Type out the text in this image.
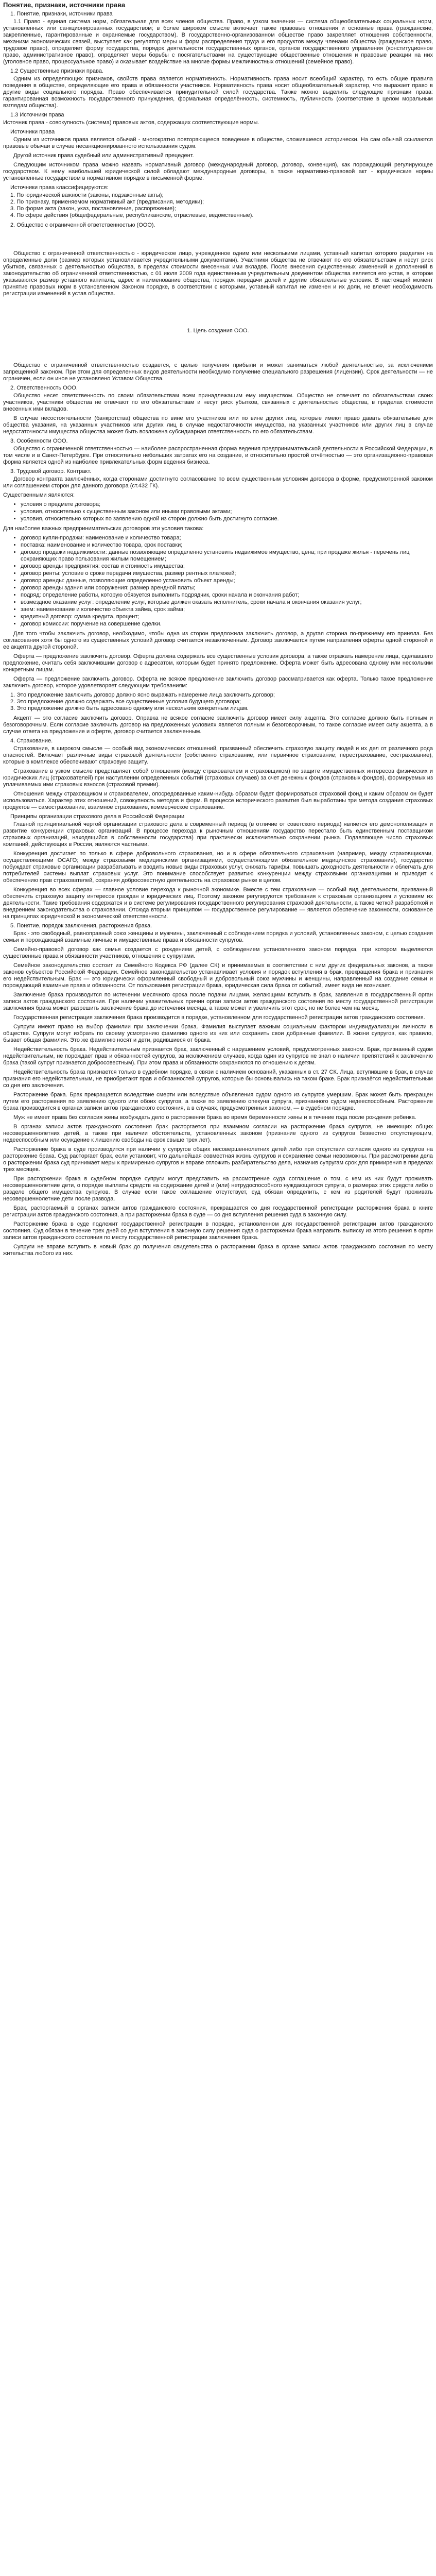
Понятие, признаки, источники права
1. Понятие, признаки, источники права

1.1 Право - единая система норм, обязательная для всех членов общества. Право, в узком значении — система общеобязательных социальных норм, установленных или санкционированных государством; в более широком смысле включает также правовые отношения и основные права (гражданские, закрепленные, гарантированные и охраняемые государством). В государственно-организованном обществе право закрепляет отношения собственности, механизм экономических связей, выступает как регулятор меры и форм распределения труда и его продуктов между членами общества (гражданское право, трудовое право), определяет форму государства, порядок деятельности государственных органов, органов государственного управления (конституционное право, административное право), определяет меры борьбы с посягательствами на существующие общественные отношения и правовые реакции на них (уголовное право, процессуальное право) и оказывает воздействие на многие формы межличностных отношений (семейное право).

1.2 Существенные признаки права.

Одним из определяющих признаков, свойств права является нормативность. Нормативность права носит всеобщий характер, то есть общие правила поведения в обществе, определяющие его права и обязанности участников. Нормативность права носит общеобязательный характер, что выражает право в другие виды социального порядка. Право обеспечивается принудительной силой государства. Также можно выделить следующие признаки права: гарантированная возможность государственного принуждения, формальная определённость, системность, публичность (соответствие в целом моральным взглядам общества).

1.3 Источники права

Источник права - совокупность (система) правовых актов, содержащих соответствующие нормы.

Источники права

Одним из источников права является обычай - многократно повторяющееся поведение в обществе, сложившееся исторически. На сам обычай ссылаются правовые обычаи в случае несанкционированного использования судом.

Другой источник права судебный или административный прецедент.

Следующим источником права можно назвать нормативный договор (международный договор, договор, конвенция), как порождающий регулирующее государством. К нему наибольшей юридической силой обладают международные договоры, а также нормативно-правовой акт - юридические нормы установленные государством в нормативном порядке в письменной форме.

Источники права классифицируются:
1. По юридической важности (законы, подзаконные акты);
2. По признаку, применяемом нормативный акт (предписания, методики);
3. По форме акта (закон, указ, постановление, распоряжение);
4. По сфере действия (общефедеральные, республиканские, отраслевые, ведомственные).
2. Общество с ограниченной ответственностью (ООО).

Общество с ограниченной ответственностью - юридическое лицо, учрежденное одним или несколькими лицами, уставный капитал которого разделен на определенные доли (размер которых установливается учредительными документами). Участники общества не отвечают по его обязательствам и несут риск убытков, связанных с деятельностью общества, в пределах стоимости внесенных ими вкладов. После внесения существенных изменений и дополнений в законодательство об ограниченной ответственностью, с 01 июля 2009 года единственным учредительным документом общества является его устав, в котором указываются размер уставного капитала, адрес и наименование общества, порядок передачи долей и другие обязательные условия. В настоящий момент принятие правовых норм в установленном Законом порядке, в соответствии с которыми, уставный капитал не изменен и их доли, не влечет необходимость регистрации изменений в устав общества.

1. Цель создания ООО.

Общество с ограниченной ответственностью создается, с целью получения прибыли и может заниматься любой деятельностью, за исключением запрещенной законом. При этом для определенных видов деятельности необходимо получение специального разрешения (лицензии). Срок деятельности — не ограничен, если он иное не установлено Уставом Общества.

2. Ответственность ООО.

Общество несет ответственность по своим обязательствам всем принадлежащим ему имуществом. Общество не отвечает по обязательствам своих участников, участники общества не отвечают по его обязательствам и несут риск убытков, связанных с деятельностью общества, в пределах стоимости внесенных ими вкладов.

В случае несостоятельности (банкротства) общества по вине его участников или по вине других лиц, которые имеют право давать обязательные для общества указания, на указанных участников или других лиц в случае недостаточности имущества, на указанных участников или других лиц в случае недостаточности имущества общества может быть возложена субсидиарная ответственность по его обязательствам.

3. Особенности ООО.

Общество с ограниченной ответственностью — наиболее распространенная форма ведения предпринимательской деятельности в Российской Федерации, в том числе и в Санкт-Петербурге. При относительно небольших затратах его на создание, и относительно простой отчётностью — это организационно-правовая форма является одной из наиболее привлекательных форм ведения бизнеса.

3. Трудовой договор. Контракт.

Договор контракта заключённых, когда сторонами достигнуто согласование по всем существенным условиям договора в форме, предусмотренной законом или соглашением сторон для данного договора (ст.432 ГК).

Существенными являются:

• условия о предмете договора;
• условия, относительно к существенным законом или иными правовыми актами;
• условия, относительно которых по заявлению одной из сторон должно быть достигнуто согласие.

Для наиболее важных предпринимательских договоров эти условия такова:

• договор купли-продажи: наименование и количество товара;
• поставка: наименование и количество товара, срок поставки;
• договор продажи недвижимости: данные позволяющие определенно установить недвижимое имущество, цена; при продаже жилья - перечень лиц сохраняющих право пользования жилым помещением;
• договор аренды предприятия: состав и стоимость имущества;
• договор ренты: условие о сроке передачи имущества, размер рентных платежей;
• договор аренды: данные, позволяющие определенно установить объект аренды;
• договор аренды здания или сооружения: размер арендной платы;
• подряд: определение работы, которую обязуется выполнить подрядчик, сроки начала и окончания работ;
• возмездное оказание услуг: определение услуг, которые должен оказать исполнитель, сроки начала и окончания оказания услуг;
• заем: наименование и количество объекта займа, срок займа;
• кредитный договор: сумма кредита, процент;
• договор комиссии: поручение на совершение сделки.

Для того чтобы заключить договор, необходимо, чтобы одна из сторон предложила заключить договор, а другая сторона по-прежнему его приняла. Без согласования хотя бы одного из существенных условий договор считается незаключенным. Договор заключается путем направления оферты одной стороной и ее акцепта другой стороной.

Оферта — предложение заключить договор. Оферта должна содержать все существенные условия договора, а также отражать намерение лица, сделавшего предложение, считать себя заключившим договор с адресатом, которым будет принято предложение. Оферта может быть адресована одному или нескольким конкретным лицам.

Оферта — предложение заключить договор. Оферта не всякое предложение заключить договор рассматривается как оферта. Только такое предложение заключить договор, которое удовлетворяет следующим требованиям:

1. Это предложение заключить договор должно ясно выражать намерение лица заключить договор;
2. Это предложение должно содержать все существенные условия будущего договора;
3. Это предложение должно быть адресовано одному или нескольким конкретным лицам.

Акцепт — это согласие заключить договор. Оправка не всякое согласие заключить договор имеет силу акцепта. Это согласие должно быть полным и безоговорочным. Если согласие заключить договор на предложенных условиях является полным и безоговорочным, то такое согласие имеет силу акцепта, а в случае ответа на предложение и оферте, договор считается заключенным.

4. Страхование.

Страхование, в широком смысле — особый вид экономических отношений, призванный обеспечить страховую защиту людей и их дел от различного рода опасностей. Включает различные виды страховой деятельности (собственно страхование, или первичное страхование; перестрахование, сострахование), которые в комплексе обеспечивают страховую защиту.

Страхование в узком смысле представляет собой отношения (между страхователем и страховщиком) по защите имущественных интересов физических и юридических лиц (страхователей) при наступлении определенных событий (страховых случаев) за счет денежных фондов (страховых фондов), формируемых из уплачиваемых ими страховых взносов (страховой премии).

Отношения между страховщиком и страхователем, опосредованные каким-нибудь образом будет формироваться страховой фонд и каким образом он будет использоваться. Характер этих отношений, совокупность методов и форм. В процессе исторического развития был выработаны три метода создания страховых продуктов — самострахование, взаимное страхование, коммерческое страхование.

Принципы организации страхового дела в Российской Федерации

Главной принципиальной чертой организации страхового дела в современный период (в отличие от советского периода) является его демонополизация и развитие конкуренции страховых организаций. В процессе перехода к рыночным отношениям государство перестало быть единственным поставщиком страховых организаций, находящийся в собственности государства) при практически исключительно сохранении рынка. Подавляющее число страховых компаний, действующих в России, являются частными.

Конкуренция достигает по только в сфере добровольного страхования, но и в сфере обязательного страхования (например, между страховщиками, осуществляющими ОСАГО; между страховыми медицинскими организациями, осуществляющими обязательное медицинское страхование), государство побуждает страховые организации разрабатывать и вводить новые виды страховых услуг, снижать тарифы, повышать доходность деятельности и облегчать для потребителей системы выплат страховых услуг. Это понимание способствует развитию конкуренции между страховыми организациями и приводит к обеспечению прав страхователей, сохраняя добросовестную деятельность на страховом рынке в целом.

Конкуренция во всех сферах — главное условие перехода к рыночной экономике. Вместе с тем страхование — особый вид деятельности, призванный обеспечить страховую защиту интересов граждан и юридических лиц. Поэтому законом регулируются требования к страховым организациям и условиям их деятельности. Такие требования содержатся и в системе регулирования государственного регулирования страховой деятельности, а также четкой разработкой и внедрением законодательства о страховании. Отсюда вторым принципом — государственное регулирование — является обеспечение законности, основанное на принципах юридической и экономической ответственности.

5. Понятие, порядок заключения, расторжения брака.

Брак - это свободный, равноправный союз женщины и мужчины, заключенный с соблюдением порядка и условий, установленных законом, с целью создания семьи и порождающий взаимные личные и имущественные права и обязанности супругов.

Семейно-правовой договор как семья создается с рождением детей, с соблюдением установленного законом порядка, при котором выделяются существенные права и обязанности участников, отношения с супругами.

Семейное законодательство состоит из Семейного Кодекса РФ (далее СК) и принимаемых в соответствии с ним других федеральных законов, а также законов субъектов Российской Федерации. Семейное законодательство устанавливает условия и порядок вступления в брак, прекращения брака и признания его недействительным. Брак — это юридически оформленный свободный и добровольный союз мужчины и женщины, направленный на создание семьи и порождающий взаимные права и обязанности. От пользования регистрации бракa, юридическая сила брака от событий, имеет вида не возникает.

Заключение брака производится по истечении месячного срока после подачи лицами, желающими вступить в брак, заявления в государственный орган записи актов гражданского состояния. При наличии уважительных причин орган записи актов гражданского состояния по месту государственной регистрации заключения брака может разрешить заключение брака до истечения месяца, а также может и увеличить этот срок, но не более чем на месяц.

Государственная регистрация заключения брака производится в порядке, установленном для государственной регистрации актов гражданского состояния.

Супруги имеют право на выбор фамилии при заключении брака. Фамилия выступает важным социальным фактором индивидуализации личности в обществе. Супруги могут избрать по своему усмотрению фамилию одного из них или сохранить свои добрачные фамилии. В жизни супругов, как правило, бывает общая фамилия. Это же фамилию носят и дети, родившиеся от брака.

Недействительность брака. Недействительным признается брак, заключенный с нарушением условий, предусмотренных законом. Брак, признанный судом недействительным, не порождает прав и обязанностей супругов, за исключением случаев, когда один из супругов не знал о наличии препятствий к заключению брака (такой супруг признается добросовестным). При этом права и обязанности сохраняются по отношению к детям.

Недействительность брака признается только в судебном порядке, в связи с наличием оснований, указанных в ст. 27 СК. Лица, вступившие в брак, в случае признания его недействительным, не приобретают прав и обязанностей супругов, которые бы основывались на таком браке. Брак признаётся недействительным со дня его заключения.

Расторжение брака. Брак прекращается вследствие смерти или вследствие объявления судом одного из супругов умершим. Брак может быть прекращен путем его расторжения по заявлению одного или обоих супругов, а также по заявлению опекуна супруга, признанного судом недееспособным. Расторжение брака производится в органах записи актов гражданского состояния, а в случаях, предусмотренных законом, — в судебном порядке.

Муж не имеет права без согласия жены возбуждать дело о расторжении брака во время беременности жены и в течение года после рождения ребенка.

В органах записи актов гражданского состояния брак расторгается при взаимном согласии на расторжение брака супругов, не имеющих общих несовершеннолетних детей, а также при наличии обстоятельств, установленных законом (признание одного из супругов безвестно отсутствующим, недееспособным или осуждение к лишению свободы на срок свыше трех лет).

Расторжение брака в суде производится при наличии у супругов общих несовершеннолетних детей либо при отсутствии согласия одного из супругов на расторжение брака. Суд расторгает брак, если установит, что дальнейшая совместная жизнь супругов и сохранение семьи невозможны. При рассмотрении дела о расторжении брака суд принимает меры к примирению супругов и вправе отложить разбирательство дела, назначив супругам срок для примирения в пределах трех месяцев.

При расторжении брака в судебном порядке супруги могут представить на рассмотрение суда соглашение о том, с кем из них будут проживать несовершеннолетние дети, о порядке выплаты средств на содержание детей и (или) нетрудоспособного нуждающегося супруга, о размерах этих средств либо о разделе общего имущества супругов. В случае если такое соглашение отсутствует, суд обязан определить, с кем из родителей будут проживать несовершеннолетние дети после развода.

Брак, расторгаемый в органах записи актов гражданского состояния, прекращается со дня государственной регистрации расторжения брака в книге регистрации актов гражданского состояния, а при расторжении брака в суде — со дня вступления решения суда в законную силу.

Расторжение брака в суде подлежит государственной регистрации в порядке, установленном для государственной регистрации актов гражданского состояния. Суд обязан в течение трех дней со дня вступления в законную силу решения суда о расторжении брака направить выписку из этого решения в орган записи актов гражданского состояния по месту государственной регистрации заключения брака.

Супруги не вправе вступить в новый брак до получения свидетельства о расторжении брака в органе записи актов гражданского состояния по месту жительства любого из них.
